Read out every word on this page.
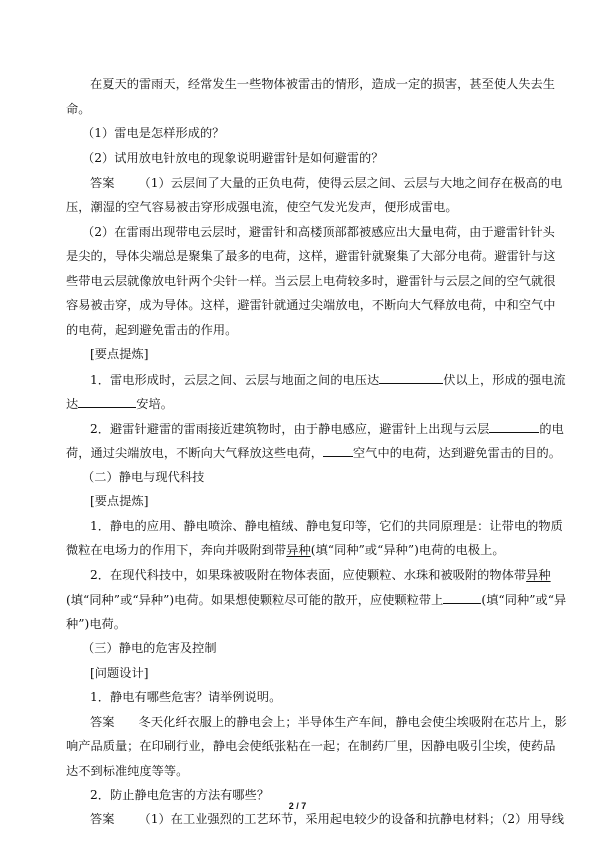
在夏天的雷雨天，经常发生一些物体被雷击的情形，造成一定的损害，甚至使人失去生
命。
（1）雷电是怎样形成的？
（2）试用放电针放电的现象说明避雷针是如何避雷的？
答案 （1）云层间了大量的正负电荷，使得云层之间、云层与大地之间存在极高的电
压，潮湿的空气容易被击穿形成强电流，使空气发光发声，便形成雷电。
（2）在雷雨出现带电云层时，避雷针和高楼顶部都被感应出大量电荷，由于避雷针针头
是尖的，导体尖端总是聚集了最多的电荷，这样，避雷针就聚集了大部分电荷。避雷针与这
些带电云层就像放电针两个尖针一样。当云层上电荷较多时，避雷针与云层之间的空气就很
容易被击穿，成为导体。这样，避雷针就通过尖端放电，不断向大气释放电荷，中和空气中
的电荷，起到避免雷击的作用。
[要点提炼]
1．雷电形成时，云层之间、云层与地面之间的电压达	伏以上，形成的强电流
达	安培。
2．避雷针避雷的雷雨接近建筑物时，由于静电感应，避雷针上出现与云层	的电
荷，通过尖端放电，不断向大气释放这些电荷， 空气中的电荷，达到避免雷击的目的。
（二）静电与现代科技
[要点提炼]
1．静电的应用、静电喷涂、静电植绒、静电复印等，它们的共同原理是：让带电的物质
微粒在电场力的作用下，奔向并吸附到带异种(填“同种”或“异种”)电荷的电极上。
2．在现代科技中，如果珠被吸附在物体表面，应使颗粒、水珠和被吸附的物体带异种
(填“同种”或“异种”)电荷。如果想使颗粒尽可能的散开，应使颗粒带上	(填“同种”或“异
种”)电荷。
（三）静电的危害及控制
[问题设计]
1．静电有哪些危害？请举例说明。
答案 冬天化纤衣服上的静电会上；半导体生产车间，静电会使尘埃吸附在芯片上，影
响产品质量；在印刷行业，静电会使纸张粘在一起；在制药厂里，因静电吸引尘埃，使药品
达不到标准纯度等等。
2．防止静电危害的方法有哪些？
答案 （1）在工业强烈的工艺环节，采用起电较少的设备和抗静电材料；（2）用导线
2 / 7
